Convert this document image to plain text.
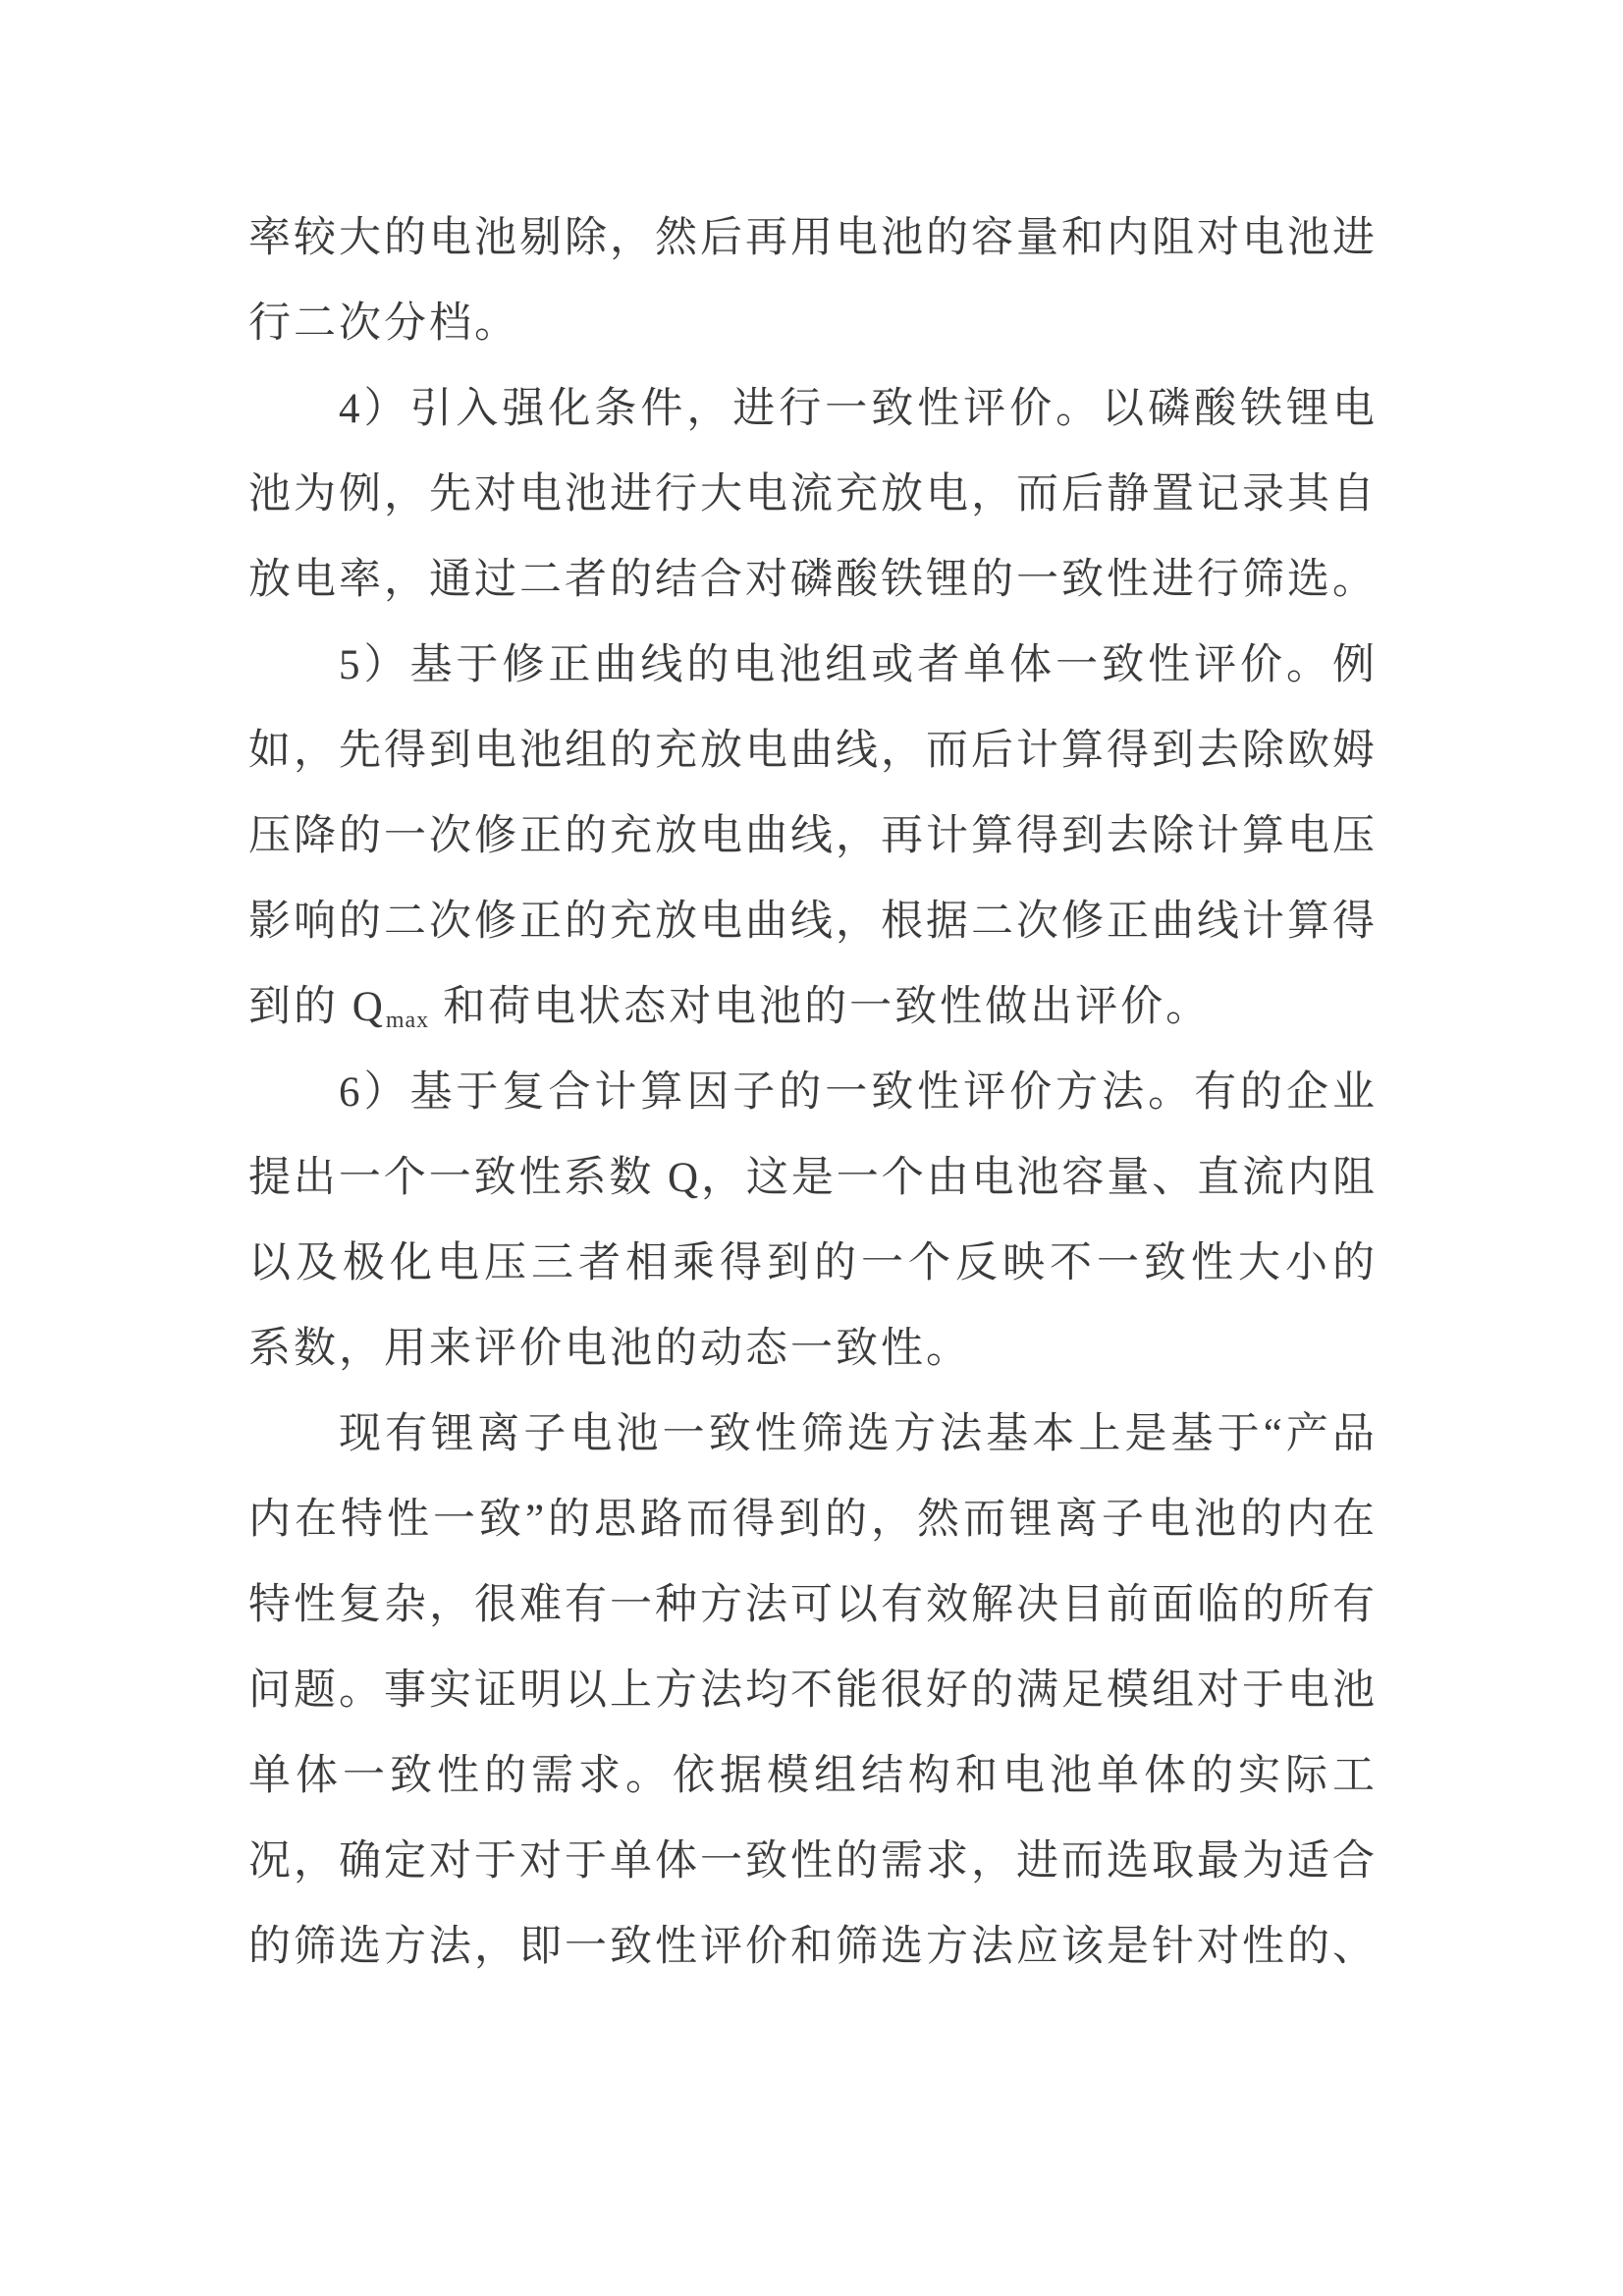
率较大的电池剔除，然后再用电池的容量和内阻对电池进
行二次分档。
4）引入强化条件，进行一致性评价。以磷酸铁锂电
池为例，先对电池进行大电流充放电，而后静置记录其自
放电率，通过二者的结合对磷酸铁锂的一致性进行筛选。
5）基于修正曲线的电池组或者单体一致性评价。例
如，先得到电池组的充放电曲线，而后计算得到去除欧姆
压降的一次修正的充放电曲线，再计算得到去除计算电压
影响的二次修正的充放电曲线，根据二次修正曲线计算得
到的 $Q_{max}$ 和荷电状态对电池的一致性做出评价。
6）基于复合计算因子的一致性评价方法。有的企业
提出一个一致性系数 Q，这是一个由电池容量、直流内阻
以及极化电压三者相乘得到的一个反映不一致性大小的
系数，用来评价电池的动态一致性。
现有锂离子电池一致性筛选方法基本上是基于“产品
内在特性一致”的思路而得到的，然而锂离子电池的内在
特性复杂，很难有一种方法可以有效解决目前面临的所有
问题。事实证明以上方法均不能很好的满足模组对于电池
单体一致性的需求。依据模组结构和电池单体的实际工
况，确定对于对于单体一致性的需求，进而选取最为适合
的筛选方法，即一致性评价和筛选方法应该是针对性的、
